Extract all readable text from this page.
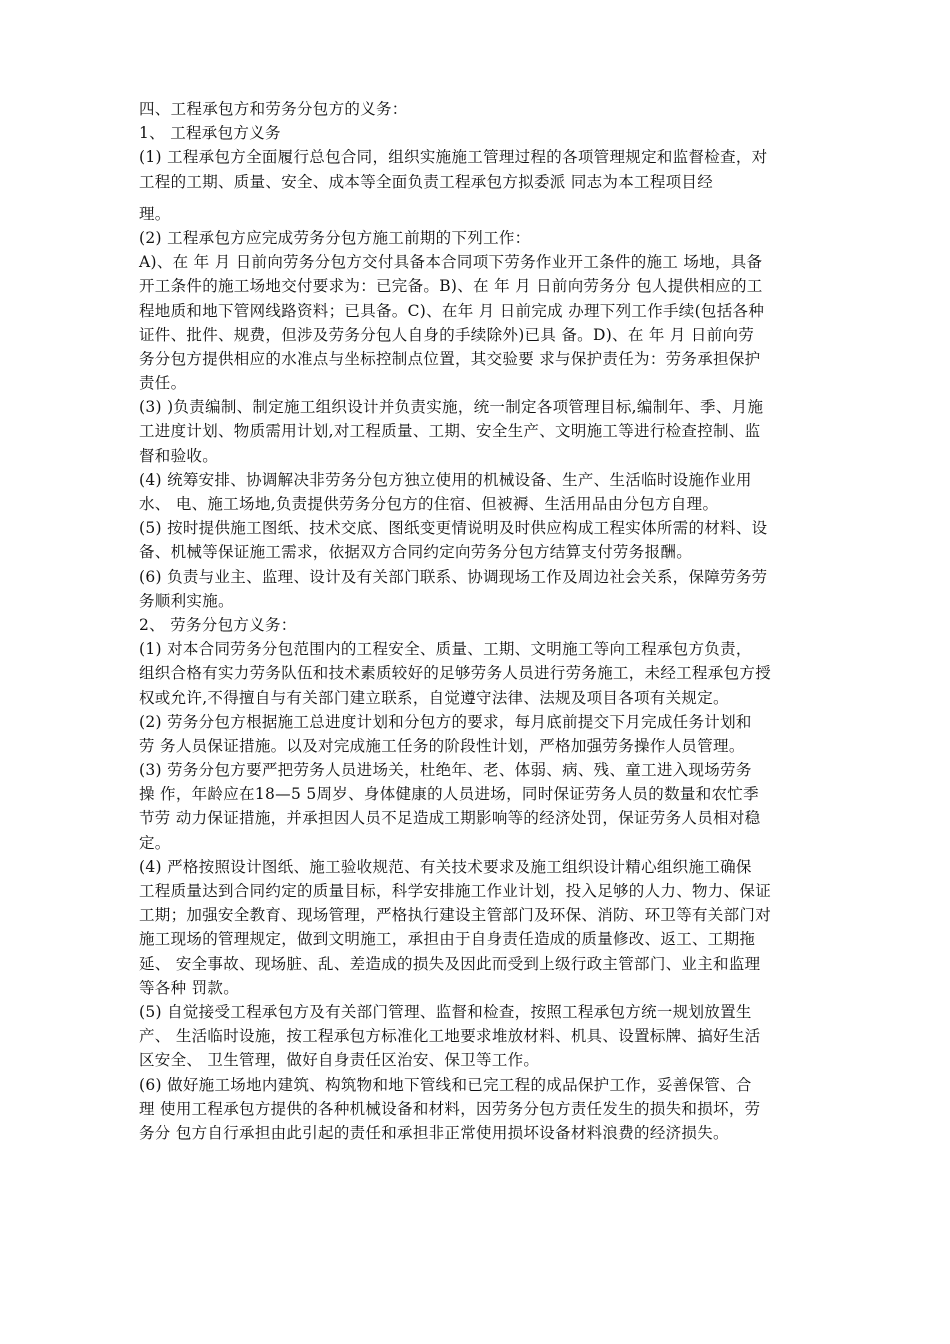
四、工程承包方和劳务分包方的义务：
1、 工程承包方义务
(1) 工程承包方全面履行总包合同，组织实施施工管理过程的各项管理规定和监督检查，对
工程的工期、质量、安全、成本等全面负责工程承包方拟委派 同志为本工程项目经
理。
(2) 工程承包方应完成劳务分包方施工前期的下列工作：
A)、在 年 月 日前向劳务分包方交付具备本合同项下劳务作业开工条件的施工 场地，具备
开工条件的施工场地交付要求为：已完备。B)、在 年 月 日前向劳务分 包人提供相应的工
程地质和地下管网线路资料；已具备。C)、在年 月 日前完成 办理下列工作手续(包括各种
证件、批件、规费，但涉及劳务分包人自身的手续除外)已具 备。D)、在 年 月 日前向劳
务分包方提供相应的水准点与坐标控制点位置，其交验要 求与保护责任为：劳务承担保护
责任。
(3) )负责编制、制定施工组织设计并负责实施，统一制定各项管理目标,编制年、季、月施
工进度计划、物质需用计划,对工程质量、工期、安全生产、文明施工等进行检查控制、监
督和验收。
(4) 统筹安排、协调解决非劳务分包方独立使用的机械设备、生产、生活临时设施作业用
水、 电、施工场地,负责提供劳务分包方的住宿、但被褥、生活用品由分包方自理。
(5) 按时提供施工图纸、技术交底、图纸变更情说明及时供应构成工程实体所需的材料、设
备、机械等保证施工需求，依据双方合同约定向劳务分包方结算支付劳务报酬。
(6) 负责与业主、监理、设计及有关部门联系、协调现场工作及周边社会关系，保障劳务劳
务顺利实施。
2、 劳务分包方义务：
(1) 对本合同劳务分包范围内的工程安全、质量、工期、文明施工等向工程承包方负责，
组织合格有实力劳务队伍和技术素质较好的足够劳务人员进行劳务施工，未经工程承包方授
权或允许,不得擅自与有关部门建立联系，自觉遵守法律、法规及项目各项有关规定。
(2) 劳务分包方根据施工总进度计划和分包方的要求，每月底前提交下月完成任务计划和
劳 务人员保证措施。以及对完成施工任务的阶段性计划，严格加强劳务操作人员管理。
(3) 劳务分包方要严把劳务人员进场关，杜绝年、老、体弱、病、残、童工进入现场劳务
操 作，年龄应在18—5 5周岁、身体健康的人员进场，同时保证劳务人员的数量和农忙季
节劳 动力保证措施，并承担因人员不足造成工期影响等的经济处罚，保证劳务人员相对稳
定。
(4) 严格按照设计图纸、施工验收规范、有关技术要求及施工组织设计精心组织施工确保
工程质量达到合同约定的质量目标，科学安排施工作业计划，投入足够的人力、物力、保证
工期；加强安全教育、现场管理，严格执行建设主管部门及环保、消防、环卫等有关部门对
施工现场的管理规定，做到文明施工，承担由于自身责任造成的质量修改、返工、工期拖
延、 安全事故、现场脏、乱、差造成的损失及因此而受到上级行政主管部门、业主和监理
等各种 罚款。
(5) 自觉接受工程承包方及有关部门管理、监督和检查，按照工程承包方统一规划放置生
产、 生活临时设施，按工程承包方标准化工地要求堆放材料、机具、设置标牌、搞好生活
区安全、 卫生管理，做好自身责任区治安、保卫等工作。
(6) 做好施工场地内建筑、构筑物和地下管线和已完工程的成品保护工作，妥善保管、合
理 使用工程承包方提供的各种机械设备和材料，因劳务分包方责任发生的损失和损坏，劳
务分 包方自行承担由此引起的责任和承担非正常使用损坏设备材料浪费的经济损失。
